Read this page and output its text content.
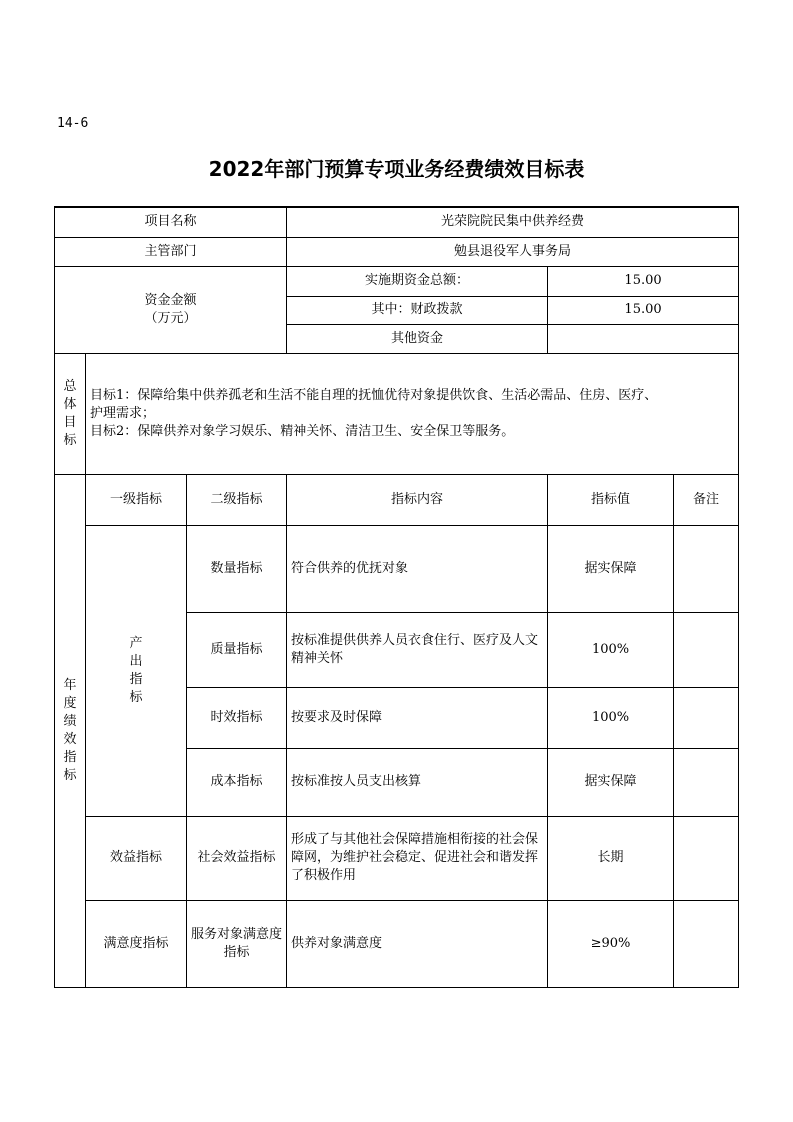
14-6
2022年部门预算专项业务经费绩效目标表
项目名称			光荣院院民集中供养经费		
主管部门			勉县退役军人事务局		

资金金额
（万元）			实施期资金总额：	15.00	
			其中：财政拨款	15.00	
			其他资金		

总体目标	目标1：保障给集中供养孤老和生活不能自理的抚恤优待对象提供饮食、生活必需品、住房、医疗、
护理需求；
目标2：保障供养对象学习娱乐、精神关怀、清洁卫生、安全保卫等服务。				

年度绩效指标	一级指标	二级指标	指标内容	指标值	备注

	产出指标	数量指标	符合供养的优抚对象	据实保障	
		质量指标	按标准提供供养人员衣食住行、医疗及人文精神关怀	100%	
		时效指标	按要求及时保障	100%	
		成本指标	按标准按人员支出核算	据实保障	
	效益指标	社会效益指标	形成了与其他社会保障措施相衔接的社会保障网，为维护社会稳定、促进社会和谐发挥了积极作用	长期	
	满意度指标	服务对象满意度指标	供养对象满意度	≥90%	
